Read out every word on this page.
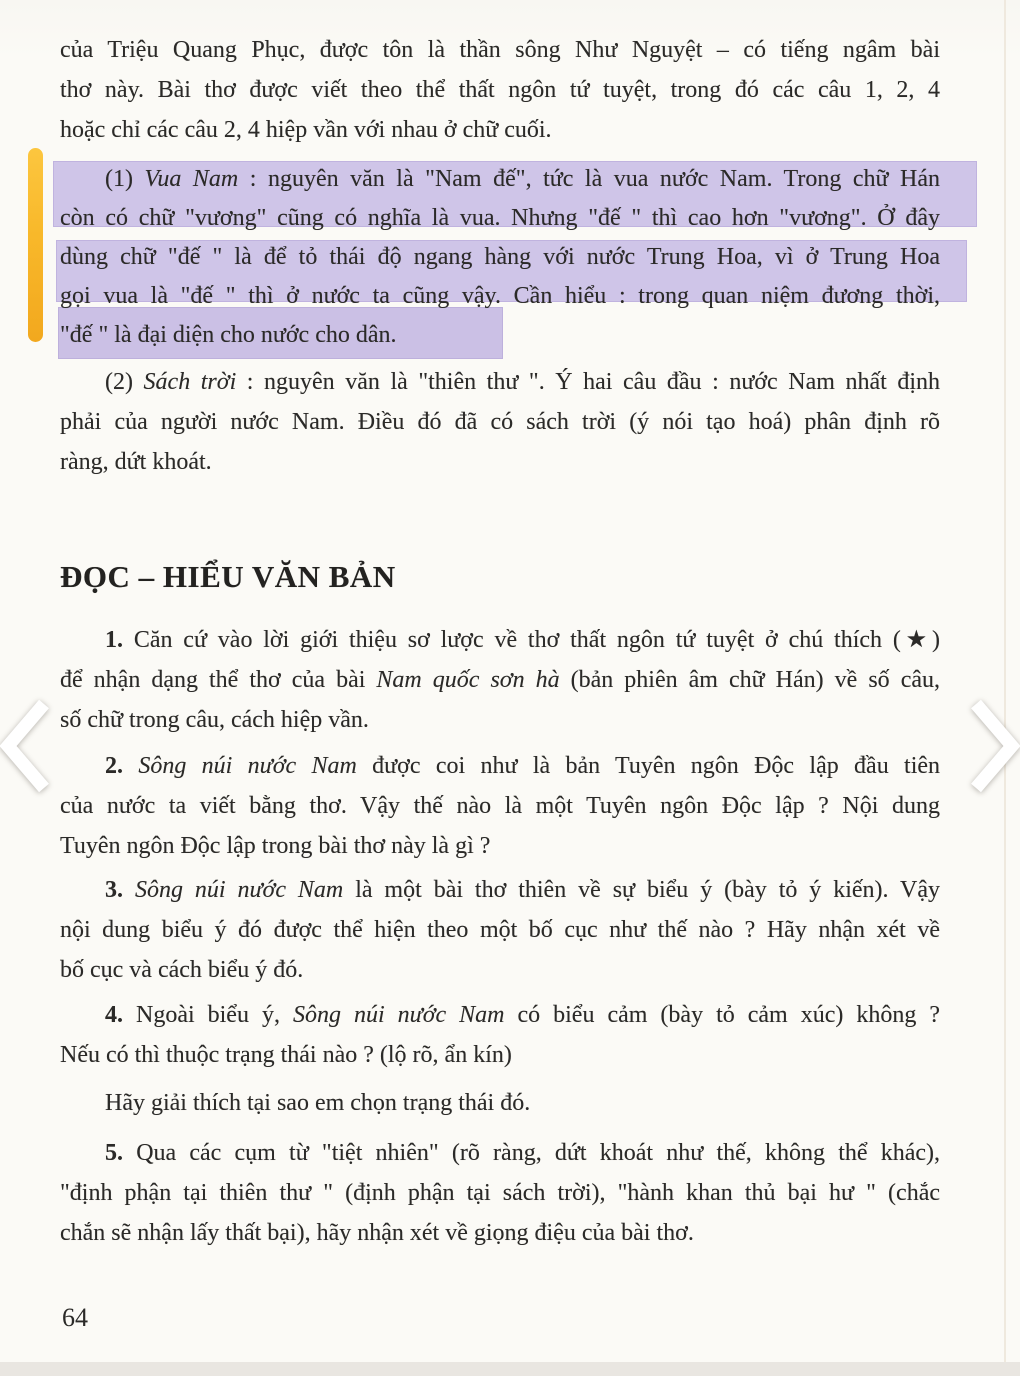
của Triệu Quang Phục, được tôn là thần sông Như Nguyệt – có tiếng ngâm bài
thơ này. Bài thơ được viết theo thể thất ngôn tứ tuyệt, trong đó các câu 1, 2, 4
hoặc chỉ các câu 2, 4 hiệp vần với nhau ở chữ cuối.
(1) Vua Nam : nguyên văn là "Nam đế", tức là vua nước Nam. Trong chữ Hán
còn có chữ "vương" cũng có nghĩa là vua. Nhưng "đế " thì cao hơn "vương". Ở đây
dùng chữ "đế " là để tỏ thái độ ngang hàng với nước Trung Hoa, vì ở Trung Hoa
gọi vua là "đế " thì ở nước ta cũng vậy. Cần hiểu : trong quan niệm đương thời,
"đế " là đại diện cho nước cho dân.
(2) Sách trời : nguyên văn là "thiên thư ". Ý hai câu đầu : nước Nam nhất định
phải của người nước Nam. Điều đó đã có sách trời (ý nói tạo hoá) phân định rõ
ràng, dứt khoát.
ĐỌC – HIỂU VĂN BẢN
1. Căn cứ vào lời giới thiệu sơ lược về thơ thất ngôn tứ tuyệt ở chú thích (★)
để nhận dạng thể thơ của bài Nam quốc sơn hà (bản phiên âm chữ Hán) về số câu,
số chữ trong câu, cách hiệp vần.
2. Sông núi nước Nam được coi như là bản Tuyên ngôn Độc lập đầu tiên
của nước ta viết bằng thơ. Vậy thế nào là một Tuyên ngôn Độc lập ? Nội dung
Tuyên ngôn Độc lập trong bài thơ này là gì ?
3. Sông núi nước Nam là một bài thơ thiên về sự biểu ý (bày tỏ ý kiến). Vậy
nội dung biểu ý đó được thể hiện theo một bố cục như thế nào ? Hãy nhận xét về
bố cục và cách biểu ý đó.
4. Ngoài biểu ý, Sông núi nước Nam có biểu cảm (bày tỏ cảm xúc) không ?
Nếu có thì thuộc trạng thái nào ? (lộ rõ, ẩn kín)
Hãy giải thích tại sao em chọn trạng thái đó.
5. Qua các cụm từ "tiệt nhiên" (rõ ràng, dứt khoát như thế, không thể khác),
"định phận tại thiên thư " (định phận tại sách trời), "hành khan thủ bại hư " (chắc
chắn sẽ nhận lấy thất bại), hãy nhận xét về giọng điệu của bài thơ.
64
